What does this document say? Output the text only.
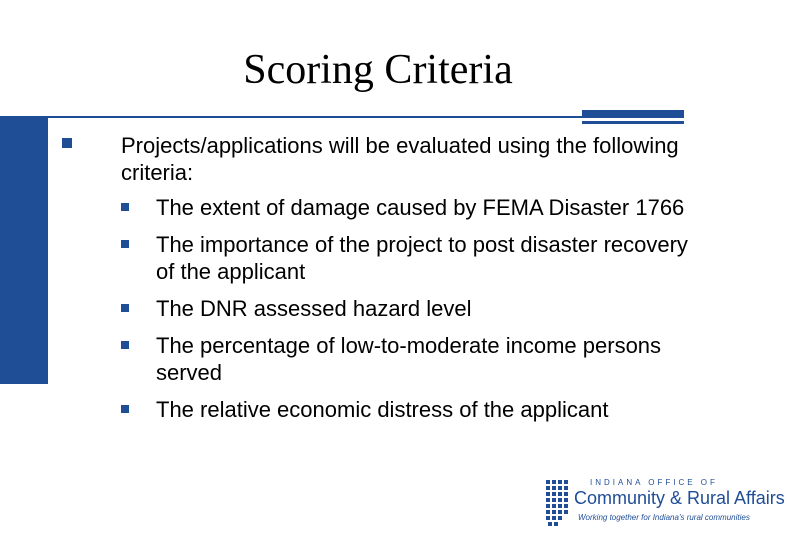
Scoring Criteria
Projects/applications will be evaluated using the following criteria:
The extent of damage caused by FEMA Disaster 1766
The importance of the project to post disaster recovery of the applicant
The DNR assessed hazard level
The percentage of low-to-moderate income persons served
The relative economic distress of the applicant
INDIANA OFFICE OF
Community & Rural Affairs
Working together for Indiana's rural communities
